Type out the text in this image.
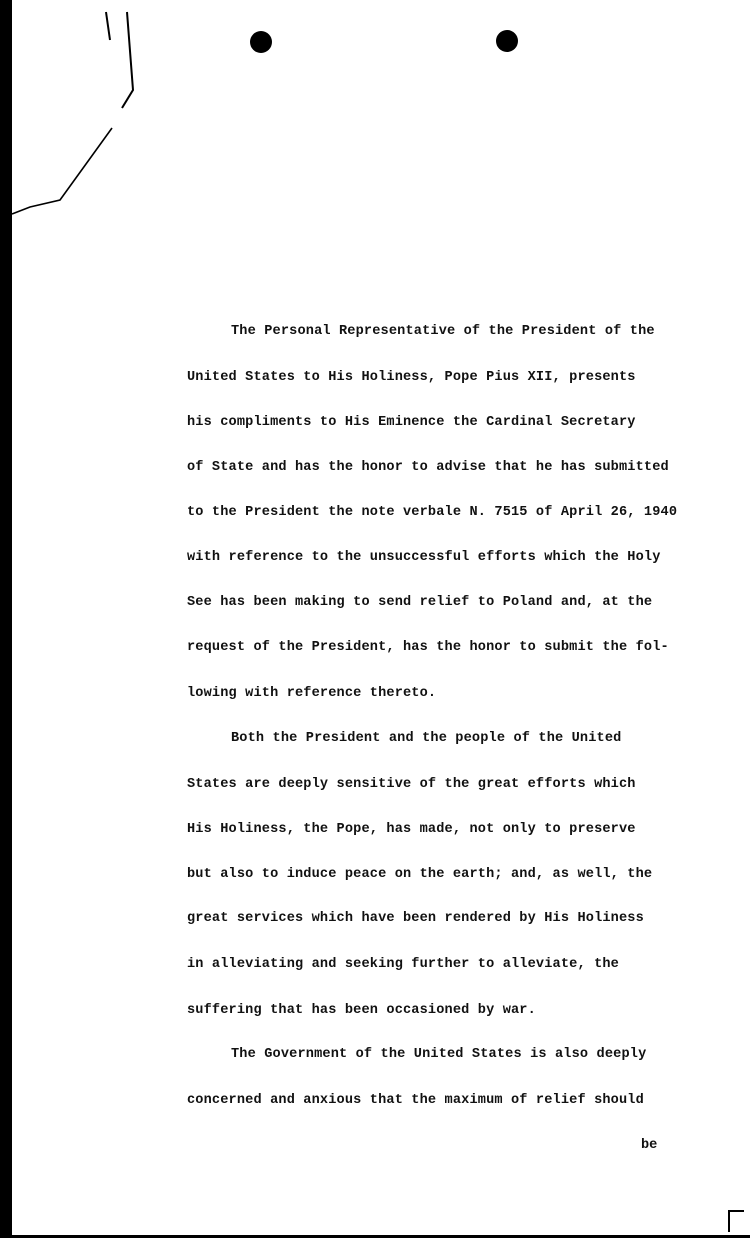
The Personal Representative of the President of the
United States to His Holiness, Pope Pius XII, presents
his compliments to His Eminence the Cardinal Secretary
of State and has the honor to advise that he has submitted
to the President the note verbale N. 7515 of April 26, 1940
with reference to the unsuccessful efforts which the Holy
See has been making to send relief to Poland and, at the
request of the President, has the honor to submit the fol-
lowing with reference thereto.
Both the President and the people of the United
States are deeply sensitive of the great efforts which
His Holiness, the Pope, has made, not only to preserve
but also to induce peace on the earth; and, as well, the
great services which have been rendered by His Holiness
in alleviating and seeking further to alleviate, the
suffering that has been occasioned by war.
The Government of the United States is also deeply
concerned and anxious that the maximum of relief should
be
